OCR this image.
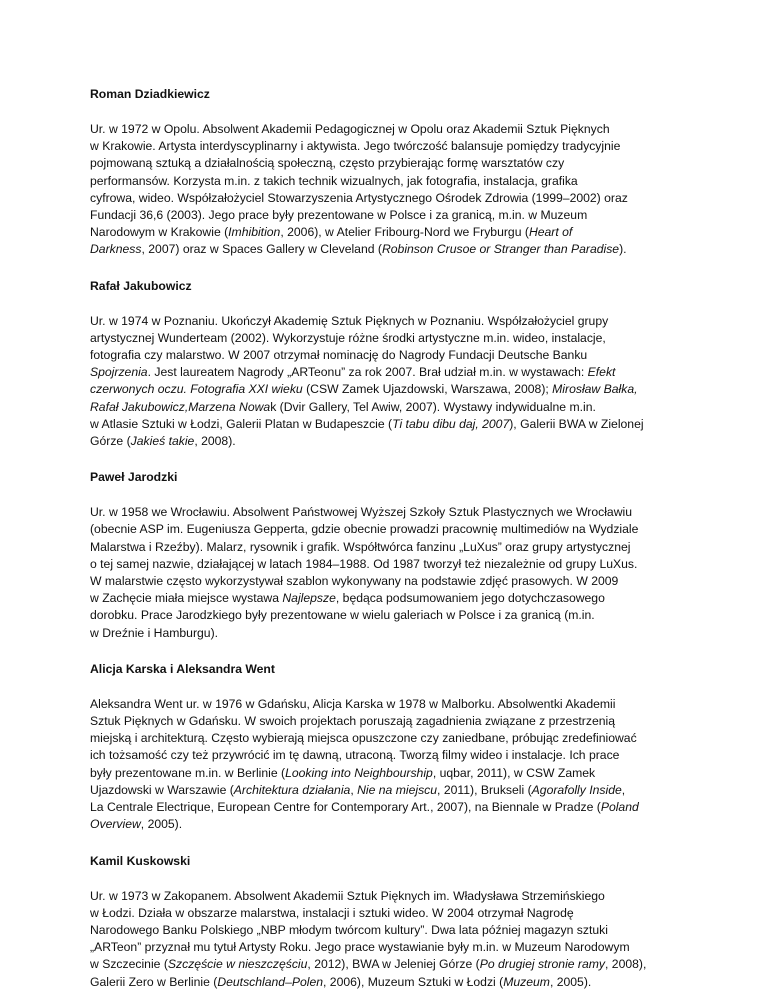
Roman Dziadkiewicz

Ur. w 1972 w Opolu. Absolwent Akademii Pedagogicznej w Opolu oraz Akademii Sztuk Pięknych
w Krakowie. Artysta interdyscyplinarny i aktywista. Jego twórczość balansuje pomiędzy tradycyjnie
pojmowaną sztuką a działalnością społeczną, często przybierając formę warsztatów czy
performansów. Korzysta m.in. z takich technik wizualnych, jak fotografia, instalacja, grafika
cyfrowa, wideo. Współzałożyciel Stowarzyszenia Artystycznego Ośrodek Zdrowia (1999–2002) oraz
Fundacji 36,6 (2003). Jego prace były prezentowane w Polsce i za granicą, m.in. w Muzeum
Narodowym w Krakowie (Imhibition, 2006), w Atelier Fribourg-Nord we Fryburgu (Heart of
Darkness, 2007) oraz w Spaces Gallery w Cleveland (Robinson Crusoe or Stranger than Paradise).

Rafał Jakubowicz

Ur. w 1974 w Poznaniu. Ukończył Akademię Sztuk Pięknych w Poznaniu. Współzałożyciel grupy
artystycznej Wunderteam (2002). Wykorzystuje różne środki artystyczne m.in. wideo, instalacje,
fotografia czy malarstwo. W 2007 otrzymał nominację do Nagrody Fundacji Deutsche Banku
Spojrzenia. Jest laureatem Nagrody „ARTeonu” za rok 2007. Brał udział m.in. w wystawach: Efekt
czerwonych oczu. Fotografia XXI wieku (CSW Zamek Ujazdowski, Warszawa, 2008); Mirosław Bałka,
Rafał Jakubowicz,Marzena Nowak (Dvir Gallery, Tel Awiw, 2007). Wystawy indywidualne m.in.
w Atlasie Sztuki w Łodzi, Galerii Platan w Budapeszcie (Ti tabu dibu daj, 2007), Galerii BWA w Zielonej
Górze (Jakieś takie, 2008).

Paweł Jarodzki

Ur. w 1958 we Wrocławiu. Absolwent Państwowej Wyższej Szkoły Sztuk Plastycznych we Wrocławiu
(obecnie ASP im. Eugeniusza Gepperta, gdzie obecnie prowadzi pracownię multimediów na Wydziale
Malarstwa i Rzeźby). Malarz, rysownik i grafik. Współtwórca fanzinu „LuXus” oraz grupy artystycznej
o tej samej nazwie, działającej w latach 1984–1988. Od 1987 tworzył też niezależnie od grupy LuXus.
W malarstwie często wykorzystywał szablon wykonywany na podstawie zdjęć prasowych. W 2009
w Zachęcie miała miejsce wystawa Najlepsze, będąca podsumowaniem jego dotychczasowego
dorobku. Prace Jarodzkiego były prezentowane w wielu galeriach w Polsce i za granicą (m.in.
w Dreźnie i Hamburgu).

Alicja Karska i Aleksandra Went

Aleksandra Went ur. w 1976 w Gdańsku, Alicja Karska w 1978 w Malborku. Absolwentki Akademii
Sztuk Pięknych w Gdańsku. W swoich projektach poruszają zagadnienia związane z przestrzenią
miejską i architekturą. Często wybierają miejsca opuszczone czy zaniedbane, próbując zredefiniować
ich tożsamość czy też przywrócić im tę dawną, utraconą. Tworzą filmy wideo i instalacje. Ich prace
były prezentowane m.in. w Berlinie (Looking into Neighbourship, uqbar, 2011), w CSW Zamek
Ujazdowski w Warszawie (Architektura działania, Nie na miejscu, 2011), Brukseli (Agorafolly Inside,
La Centrale Electrique, European Centre for Contemporary Art., 2007), na Biennale w Pradze (Poland
Overview, 2005).

Kamil Kuskowski

Ur. w 1973 w Zakopanem. Absolwent Akademii Sztuk Pięknych im. Władysława Strzemińskiego
w Łodzi. Działa w obszarze malarstwa, instalacji i sztuki wideo. W 2004 otrzymał Nagrodę
Narodowego Banku Polskiego „NBP młodym twórcom kultury”. Dwa lata później magazyn sztuki
„ARTeon” przyznał mu tytuł Artysty Roku. Jego prace wystawianie były m.in. w Muzeum Narodowym
w Szczecinie (Szczęście w nieszczęściu, 2012), BWA w Jeleniej Górze (Po drugiej stronie ramy, 2008),
Galerii Zero w Berlinie (Deutschland–Polen, 2006), Muzeum Sztuki w Łodzi (Muzeum, 2005).
